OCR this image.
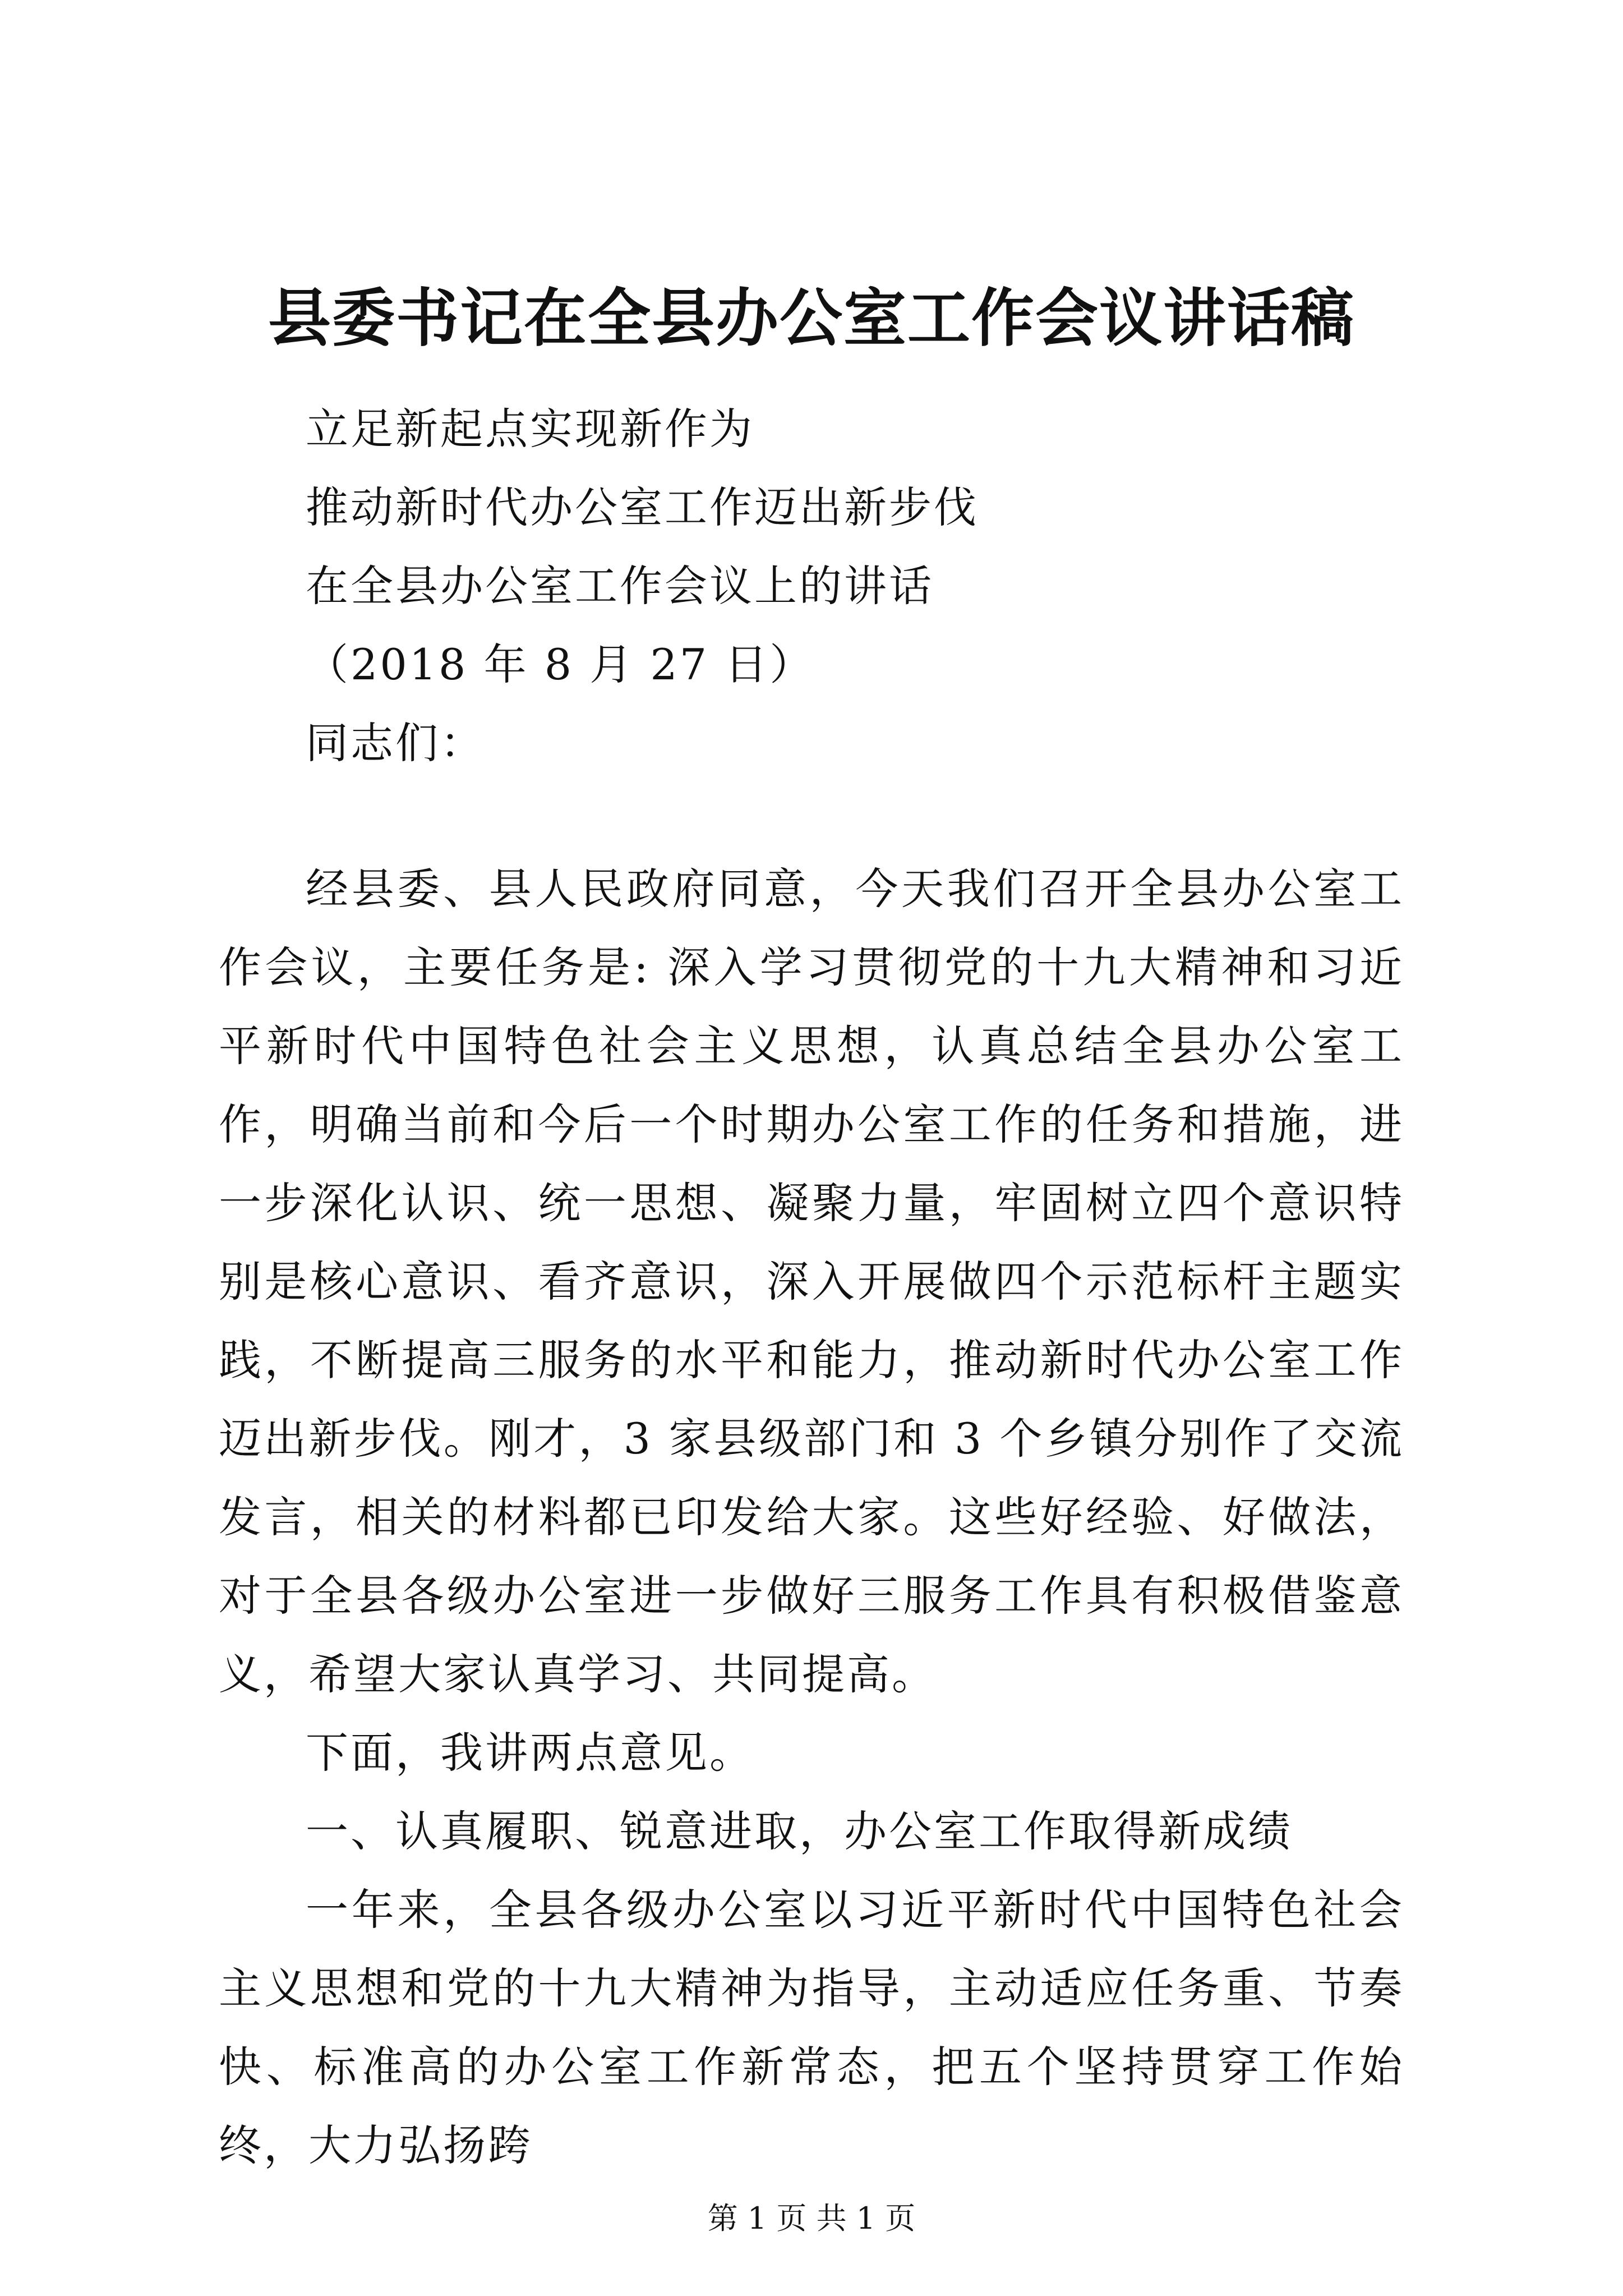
县委书记在全县办公室工作会议讲话稿
立足新起点实现新作为
推动新时代办公室工作迈出新步伐
在全县办公室工作会议上的讲话
（2018 年 8 月 27 日）
同志们：

经县委、县人民政府同意，今天我们召开全县办公室工作会议，主要任务是: 深入学习贯彻党的十九大精神和习近平新时代中国特色社会主义思想，认真总结全县办公室工作，明确当前和今后一个时期办公室工作的任务和措施，进一步深化认识、统一思想、凝聚力量，牢固树立四个意识特别是核心意识、看齐意识，深入开展做四个示范标杆主题实践，不断提高三服务的水平和能力，推动新时代办公室工作迈出新步伐。刚才，3 家县级部门和 3 个乡镇分别作了交流发言，相关的材料都已印发给大家。这些好经验、好做法，对于全县各级办公室进一步做好三服务工作具有积极借鉴意义，希望大家认真学习、共同提高。

下面，我讲两点意见。

一、认真履职、锐意进取，办公室工作取得新成绩

一年来，全县各级办公室以习近平新时代中国特色社会主义思想和党的十九大精神为指导，主动适应任务重、节奏快、标准高的办公室工作新常态，把五个坚持贯穿工作始终，大力弘扬跨

第 1 页 共 1 页
